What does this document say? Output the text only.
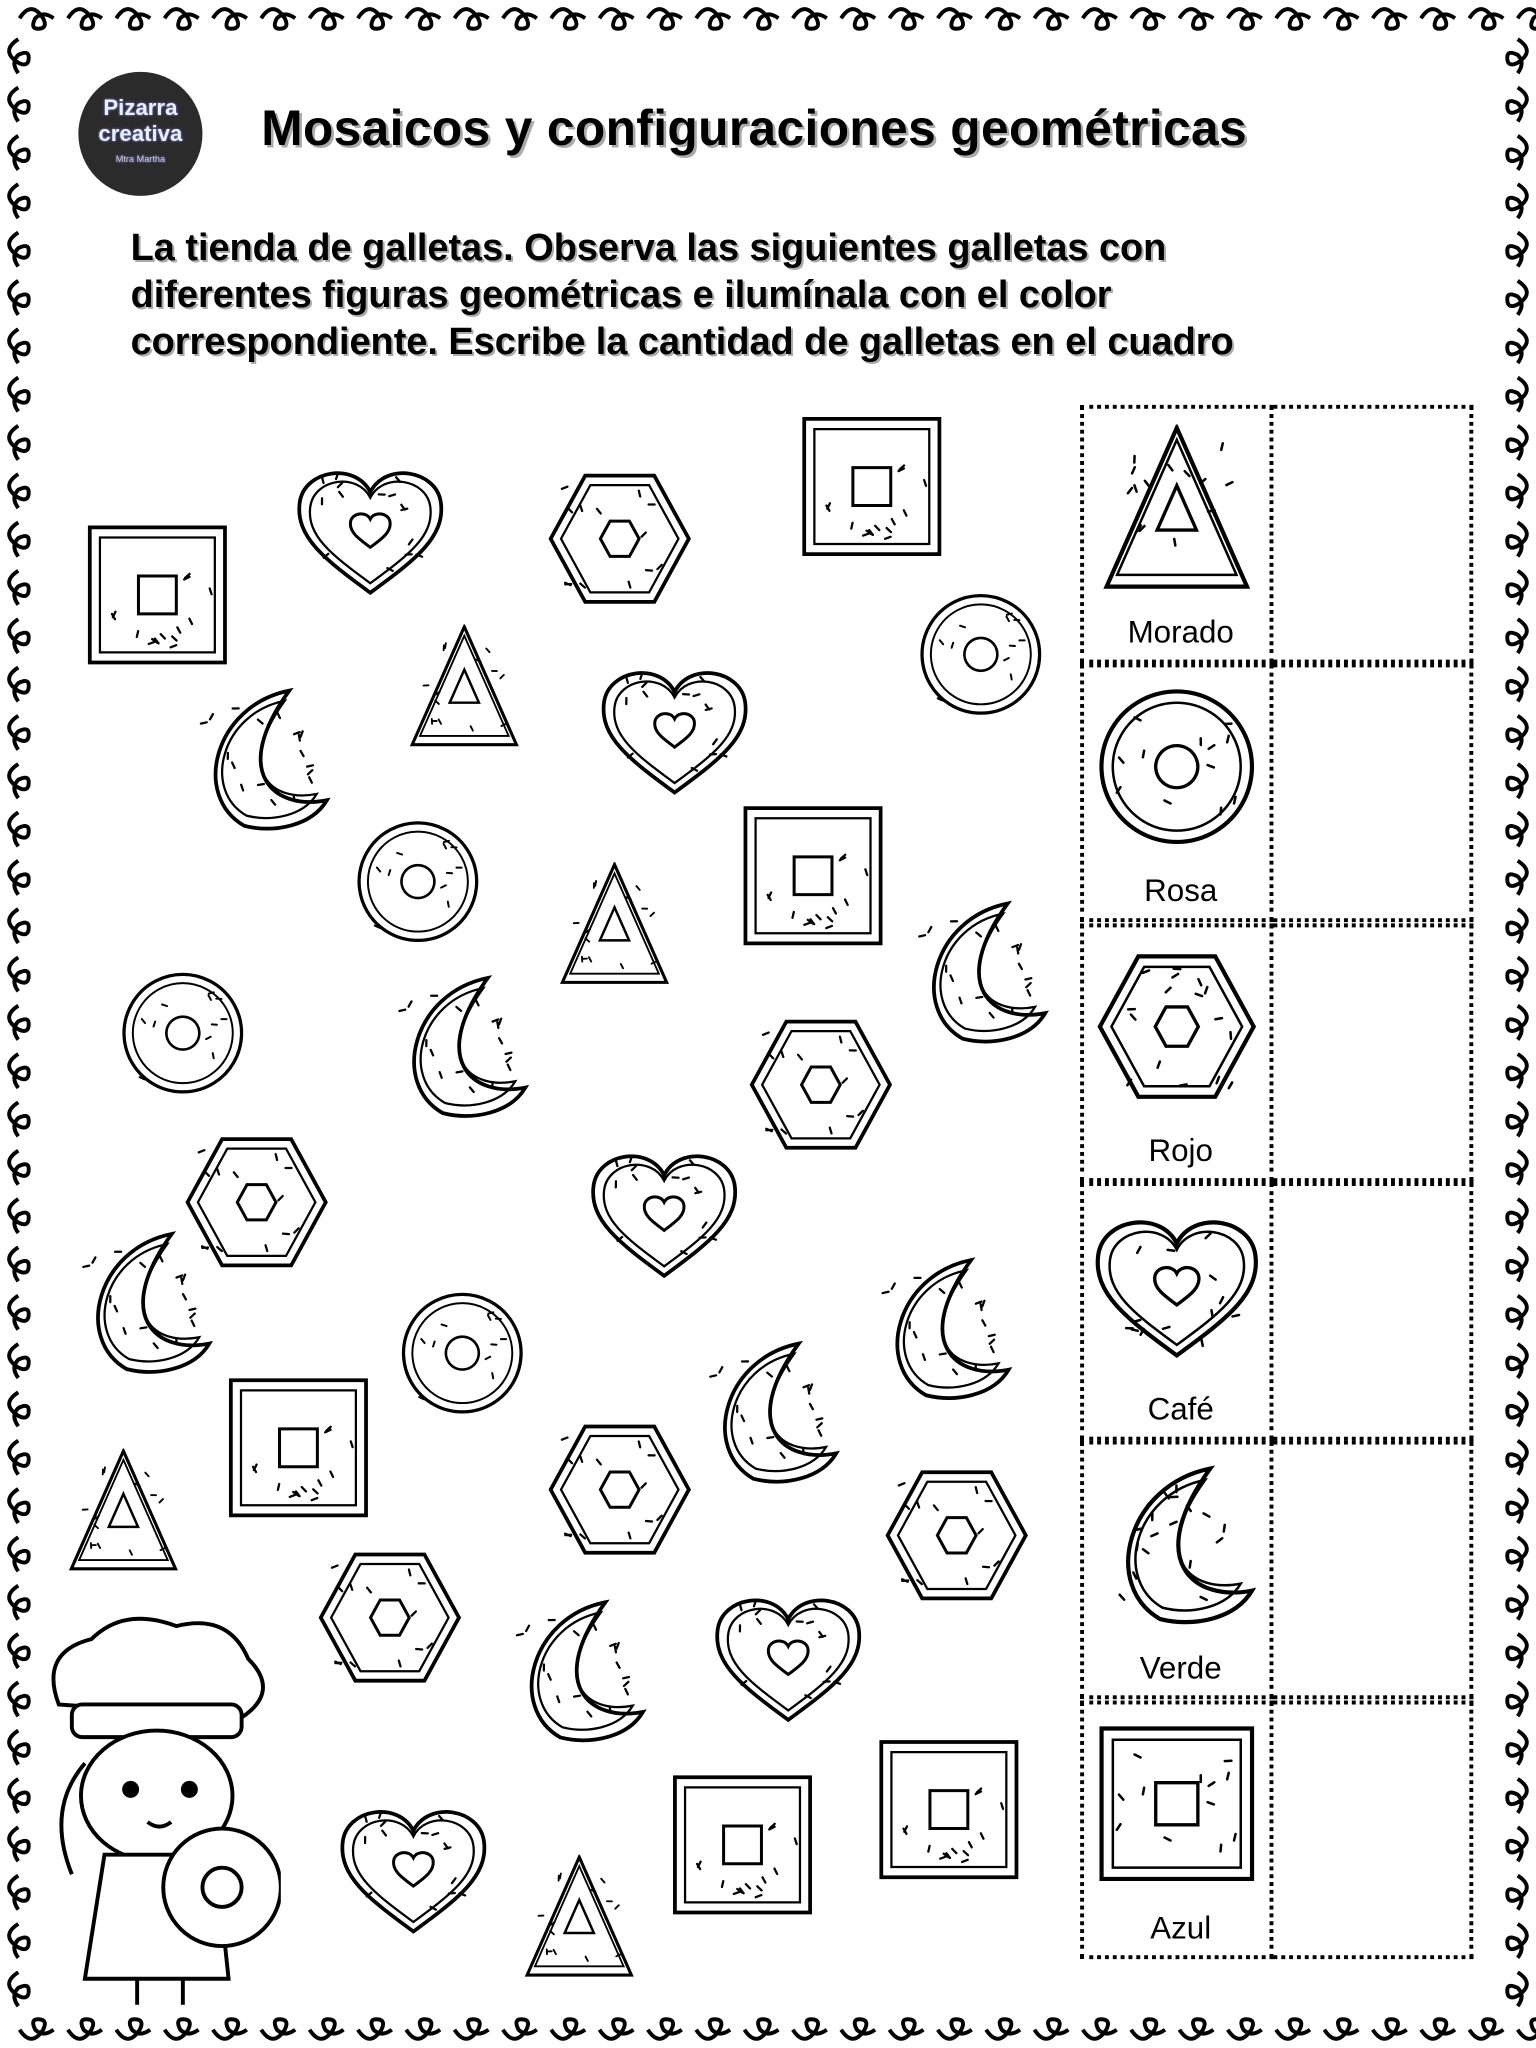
Pizarra
creativa
Mtra Martha
Mosaicos y configuraciones geométricas
La tienda de galletas. Observa las siguientes galletas con diferentes figuras geométricas e ilumínala con el color correspondiente. Escribe la cantidad de galletas en el cuadro
Morado
Rosa
Rojo
Café
Verde
Azul
